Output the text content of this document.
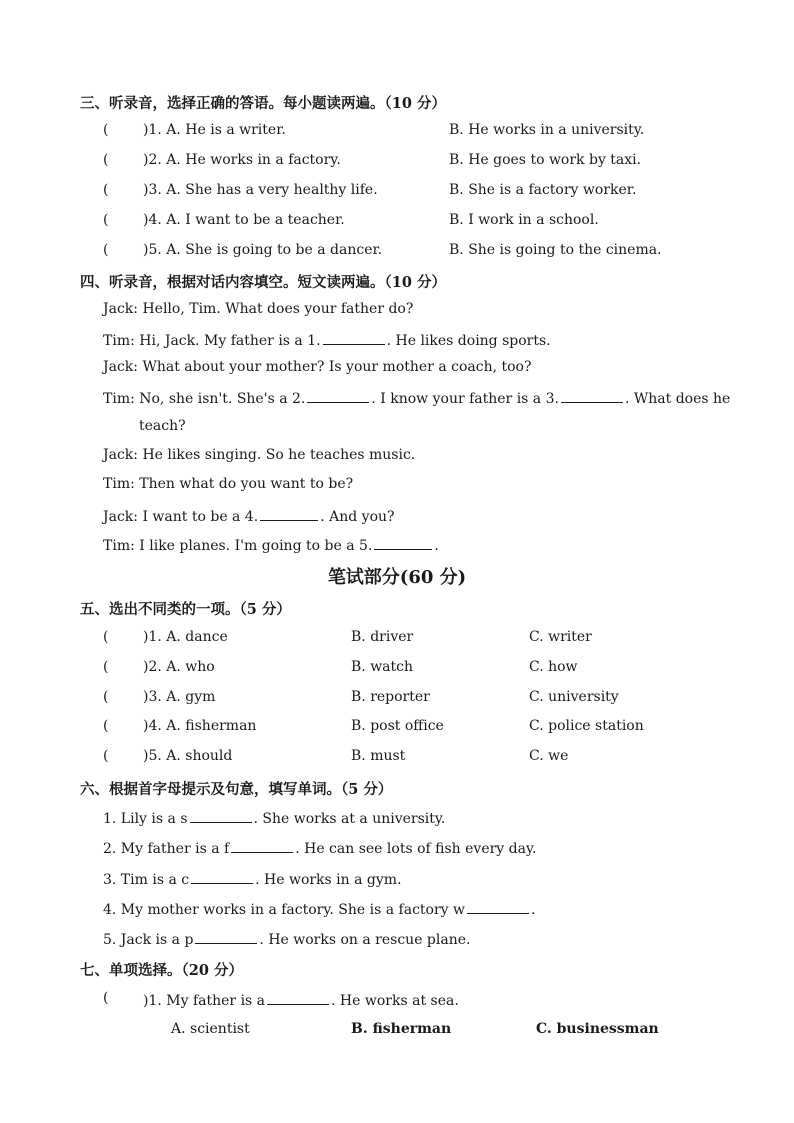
三、听录音，选择正确的答语。每小题读两遍。（10 分）
( )1. A. He is a writer.	B. He works in a university.
( )2. A. He works in a factory.	B. He goes to work by taxi.
( )3. A. She has a very healthy life.	B. She is a factory worker.
( )4. A. I want to be a teacher.	B. I work in a school.
( )5. A. She is going to be a dancer.	B. She is going to the cinema.
四、听录音，根据对话内容填空。短文读两遍。（10 分）
Jack: Hello, Tim. What does your father do?
Tim: Hi, Jack. My father is a 1.	. He likes doing sports.
Jack: What about your mother? Is your mother a coach, too?
Tim: No, she isn't. She's a 2.	. I know your father is a 3.	. What does he
teach?
Jack: He likes singing. So he teaches music.
Tim: Then what do you want to be?
Jack: I want to be a 4.	. And you?
Tim: I like planes. I'm going to be a 5.	.
笔试部分(60 分)
五、选出不同类的一项。（5 分）
( )1. A. dance	B. driver	C. writer
( )2. A. who	B. watch	C. how
( )3. A. gym	B. reporter	C. university
( )4. A. fisherman	B. post office	C. police station
( )5. A. should	B. must	C. we
六、根据首字母提示及句意，填写单词。（5 分）
1. Lily is a s	. She works at a university.
2. My father is a f	. He can see lots of fish every day.
3. Tim is a c	. He works in a gym.
4. My mother works in a factory. She is a factory w	.
5. Jack is a p	. He works on a rescue plane.
七、单项选择。（20 分）
( )1. My father is a	. He works at sea.
A. scientist	B. fisherman	C. businessman
